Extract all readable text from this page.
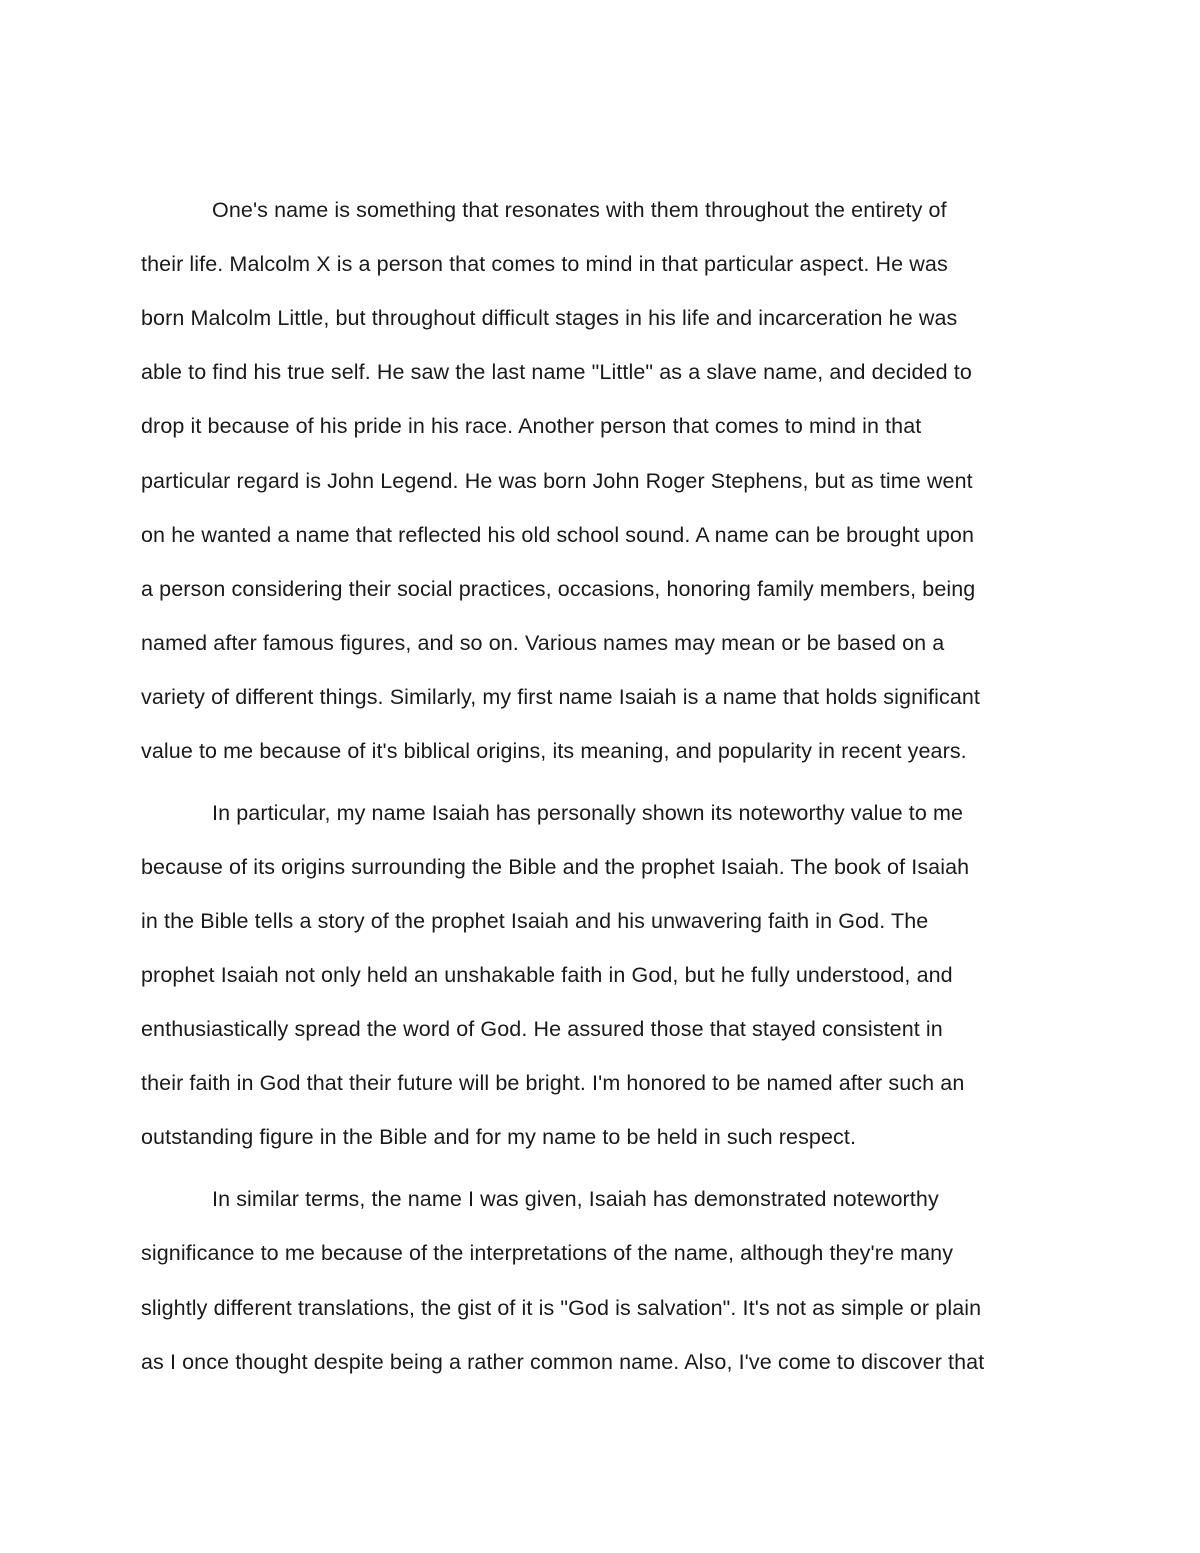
One's name is something that resonates with them throughout the entirety of
their life. Malcolm X is a person that comes to mind in that particular aspect. He was
born Malcolm Little, but throughout difficult stages in his life and incarceration he was
able to find his true self. He saw the last name "Little" as a slave name, and decided to
drop it because of his pride in his race. Another person that comes to mind in that
particular regard is John Legend. He was born John Roger Stephens, but as time went
on he wanted a name that reflected his old school sound. A name can be brought upon
a person considering their social practices, occasions, honoring family members, being
named after famous figures, and so on. Various names may mean or be based on a
variety of different things. Similarly, my first name Isaiah is a name that holds significant
value to me because of it's biblical origins, its meaning, and popularity in recent years.
In particular, my name Isaiah has personally shown its noteworthy value to me
because of its origins surrounding the Bible and the prophet Isaiah. The book of Isaiah
in the Bible tells a story of the prophet Isaiah and his unwavering faith in God. The
prophet Isaiah not only held an unshakable faith in God, but he fully understood, and
enthusiastically spread the word of God. He assured those that stayed consistent in
their faith in God that their future will be bright. I'm honored to be named after such an
outstanding figure in the Bible and for my name to be held in such respect.
In similar terms, the name I was given, Isaiah has demonstrated noteworthy
significance to me because of the interpretations of the name, although they're many
slightly different translations, the gist of it is "God is salvation". It's not as simple or plain
as I once thought despite being a rather common name. Also, I've come to discover that
